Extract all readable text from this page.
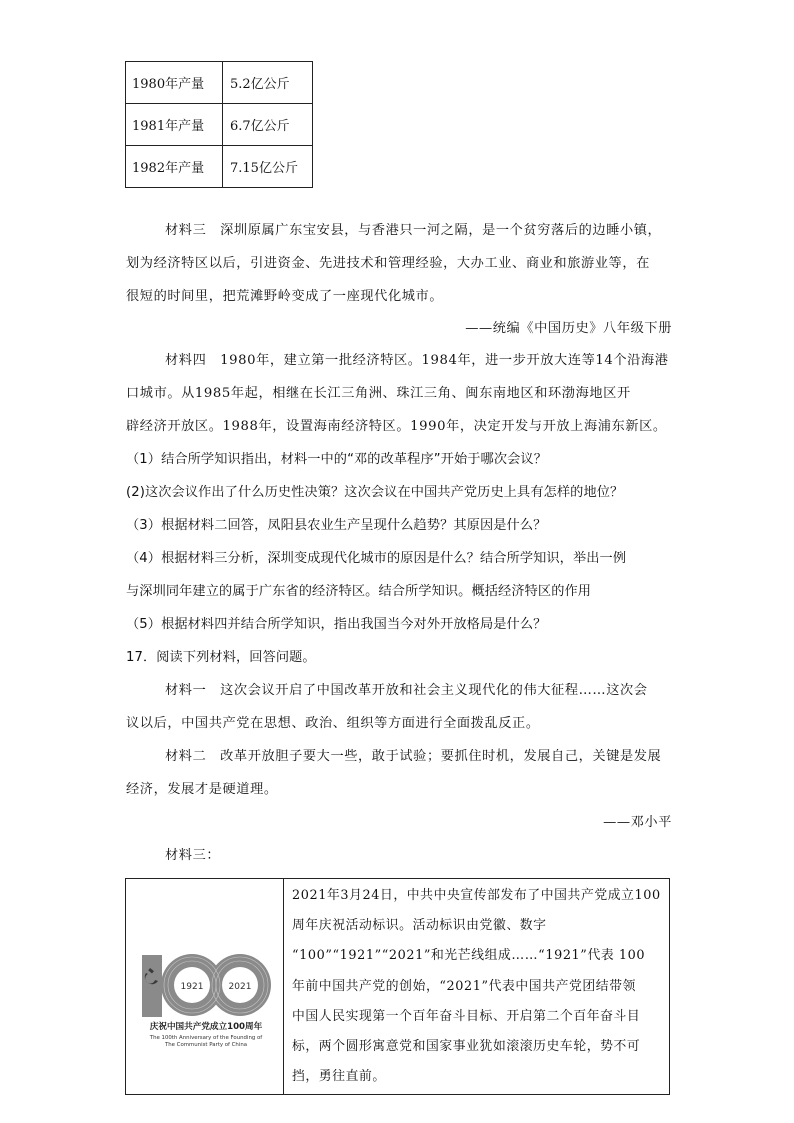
1980年产量	5.2亿公斤
1981年产量	6.7亿公斤
1982年产量	7.15亿公斤
材料三　深圳原属广东宝安县，与香港只一河之隔，是一个贫穷落后的边睡小镇，
划为经济特区以后，引进资金、先进技术和管理经验，大办工业、商业和旅游业等，在
很短的时间里，把荒滩野岭变成了一座现代化城市。
——统编《中国历史》八年级下册
材料四　1980年，建立第一批经济特区。1984年，进一步开放大连等14个沿海港
口城市。从1985年起，相继在长江三角洲、珠江三角、闽东南地区和环渤海地区开
辟经济开放区。1988年，设置海南经济特区。1990年，决定开发与开放上海浦东新区。
（1）结合所学知识指出，材料一中的“邓的改革程序”开始于哪次会议？
(2)这次会议作出了什么历史性决策？这次会议在中国共产党历史上具有怎样的地位？
（3）根据材料二回答，凤阳县农业生产呈现什么趋势？其原因是什么？
（4）根据材料三分析，深圳变成现代化城市的原因是什么？结合所学知识，举出一例
与深圳同年建立的属于广东省的经济特区。结合所学知识。概括经济特区的作用
（5）根据材料四并结合所学知识，指出我国当今对外开放格局是什么？
17．阅读下列材料，回答问题。
材料一　这次会议开启了中国改革开放和社会主义现代化的伟大征程……这次会
议以后，中国共产党在思想、政治、组织等方面进行全面拨乱反正。
材料二　改革开放胆子要大一些，敢于试验；要抓住时机，发展自己，关键是发展
经济，发展才是硬道理。
——邓小平
材料三：
1921	2021
庆祝中国共产党成立100周年
The 100th Anniversary of the Founding of
The Communist Party of China
2021年3月24日，中共中央宣传部发布了中国共产党成立100
周年庆祝活动标识。活动标识由党徽、数字
“100”“1921”“2021”和光芒线组成……“1921”代表 100
年前中国共产党的创始，“2021”代表中国共产党团结带领
中国人民实现第一个百年奋斗目标、开启第二个百年奋斗目
标，两个圆形寓意党和国家事业犹如滚滚历史车轮，势不可
挡，勇往直前。
